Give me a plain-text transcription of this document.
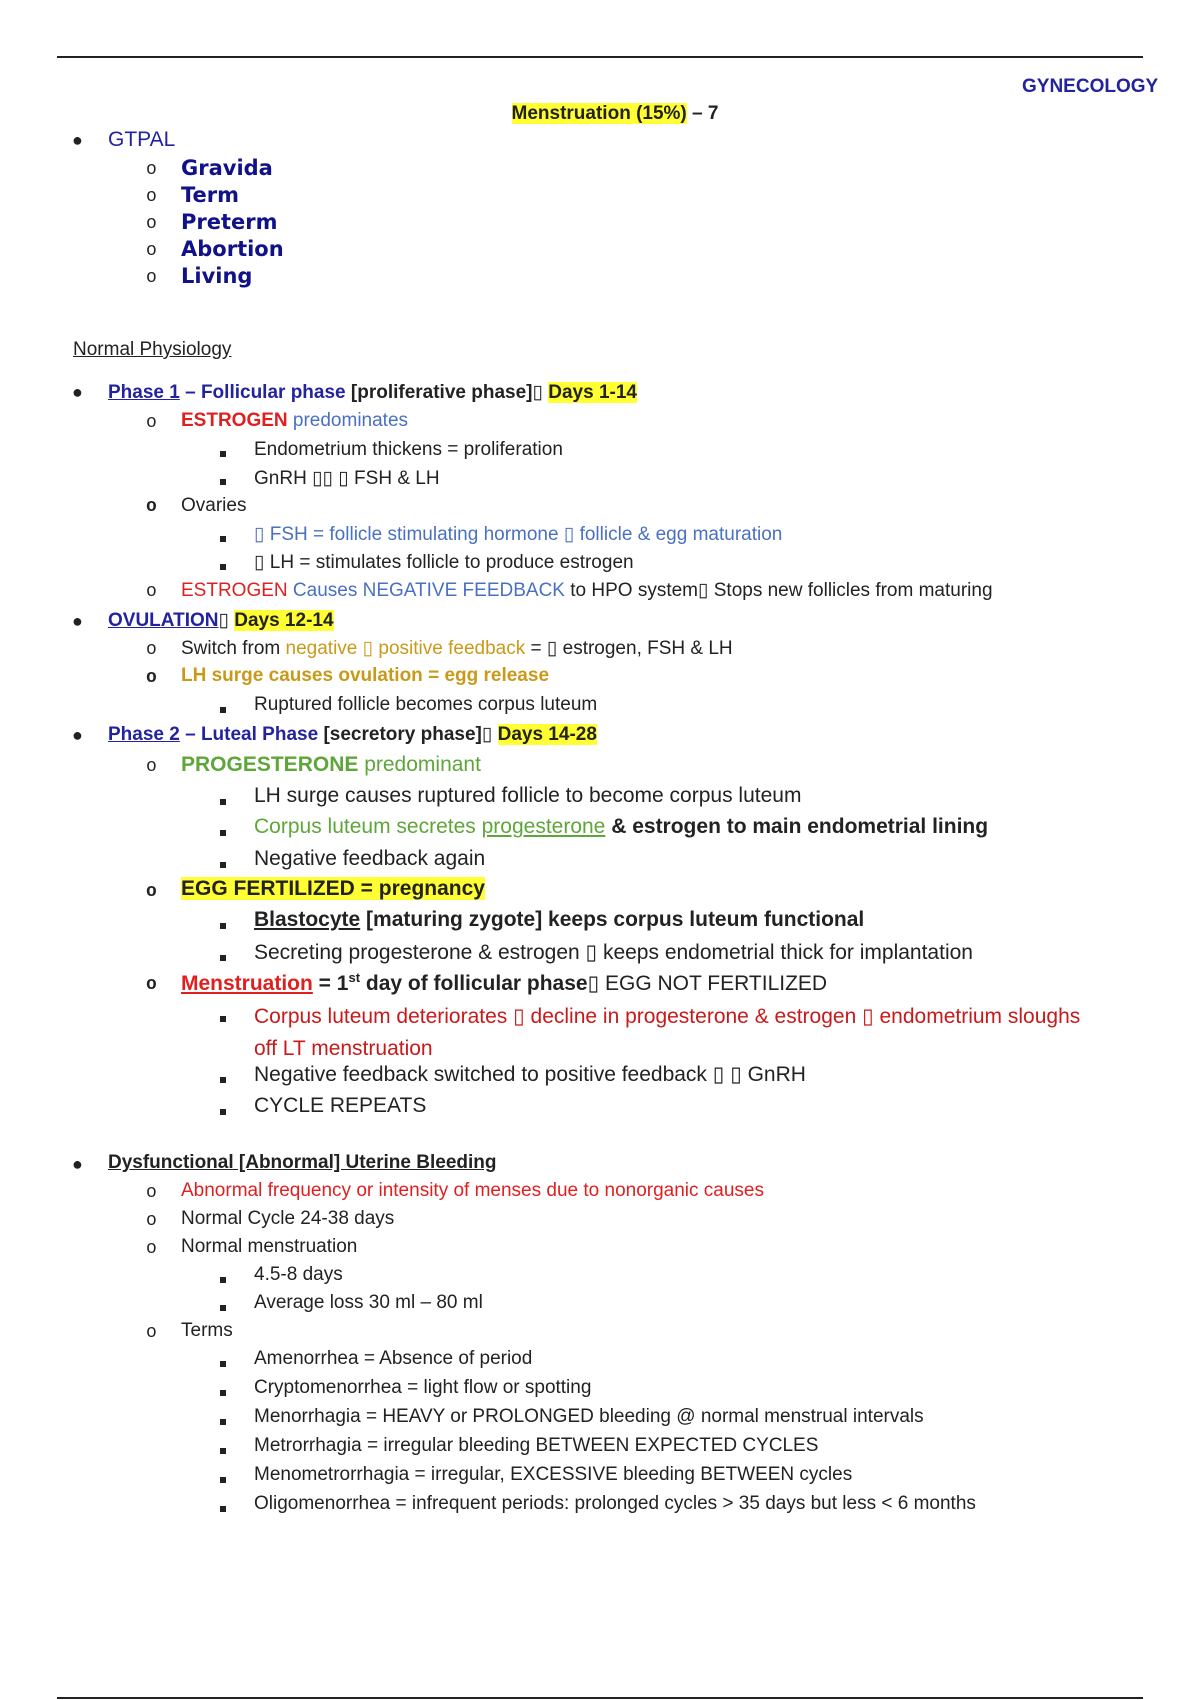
GYNECOLOGY
Menstruation (15%) – 7
● GTPAL
o Gravida
o Term
o Preterm
o Abortion
o Living
Normal Physiology
● Phase 1 – Follicular phase [proliferative phase]▯ Days 1-14
o ESTROGEN predominates
Endometrium thickens = proliferation
GnRH ▯▯ ▯ FSH & LH
o Ovaries
▯ FSH = follicle stimulating hormone ▯ follicle & egg maturation
▯ LH = stimulates follicle to produce estrogen
o ESTROGEN Causes NEGATIVE FEEDBACK to HPO system▯ Stops new follicles from maturing
● OVULATION▯ Days 12-14
o Switch from negative ▯ positive feedback = ▯ estrogen, FSH & LH
o LH surge causes ovulation = egg release
Ruptured follicle becomes corpus luteum
● Phase 2 – Luteal Phase [secretory phase]▯ Days 14-28
o PROGESTERONE predominant
LH surge causes ruptured follicle to become corpus luteum
Corpus luteum secretes progesterone & estrogen to main endometrial lining
Negative feedback again
o EGG FERTILIZED = pregnancy
Blastocyte [maturing zygote] keeps corpus luteum functional
Secreting progesterone & estrogen ▯ keeps endometrial thick for implantation
o Menstruation = 1st day of follicular phase▯ EGG NOT FERTILIZED
Corpus luteum deteriorates ▯ decline in progesterone & estrogen ▯ endometrium sloughs
off LT menstruation
Negative feedback switched to positive feedback ▯ ▯ GnRH
CYCLE REPEATS
● Dysfunctional [Abnormal] Uterine Bleeding
o Abnormal frequency or intensity of menses due to nonorganic causes
o Normal Cycle 24-38 days
o Normal menstruation
4.5-8 days
Average loss 30 ml – 80 ml
o Terms
Amenorrhea = Absence of period
Cryptomenorrhea = light flow or spotting
Menorrhagia = HEAVY or PROLONGED bleeding @ normal menstrual intervals
Metrorrhagia = irregular bleeding BETWEEN EXPECTED CYCLES
Menometrorrhagia = irregular, EXCESSIVE bleeding BETWEEN cycles
Oligomenorrhea = infrequent periods: prolonged cycles > 35 days but less < 6 months
